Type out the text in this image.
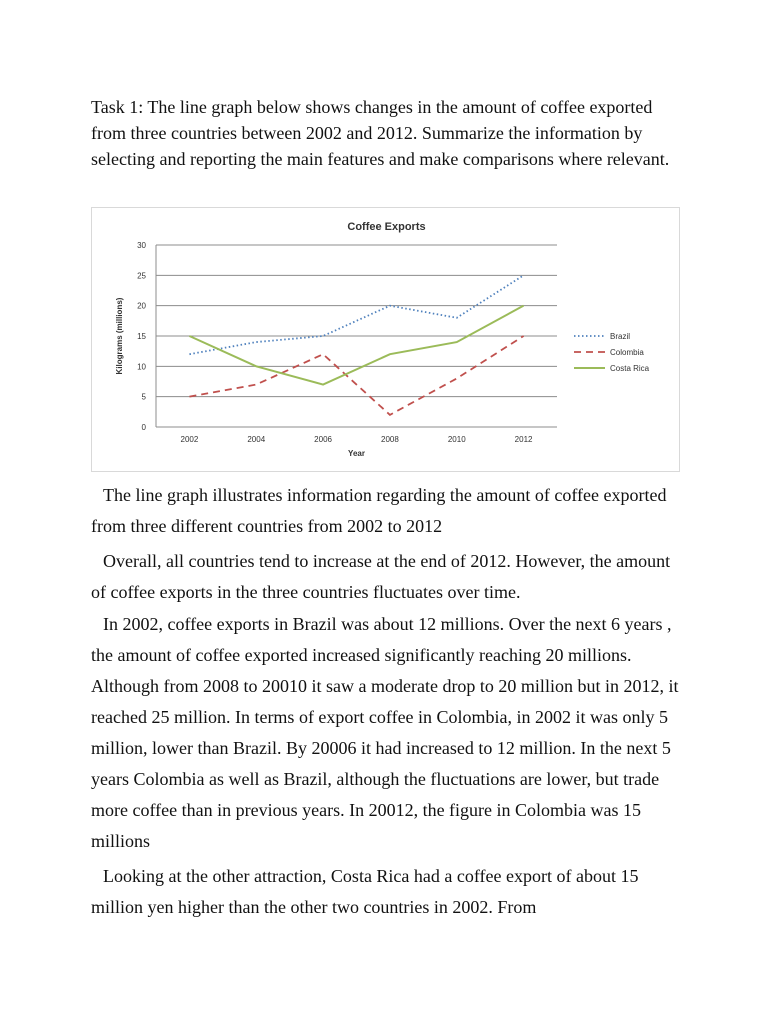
Task 1: The line graph below shows changes in the amount of coffee exported from three countries between 2002 and 2012. Summarize the information by selecting and reporting the main features and make comparisons where relevant.
Coffee Exports
Kilograms (millions)
Year
0
5
10
15
20
25
30
2002	2004	2006	2008	2010	2012
Brazil
Colombia
Costa Rica

The line graph illustrates information regarding the amount of coffee exported from three different countries from 2002 to 2012

Overall, all countries tend to increase at the end of 2012. However, the amount of coffee exports in the three countries fluctuates over time.

In 2002, coffee exports in Brazil was about 12 millions. Over the next 6 years , the amount of coffee exported increased significantly reaching 20 millions. Although from 2008 to 20010 it saw a moderate drop to 20 million but in 2012, it reached 25 million. In terms of export coffee in Colombia, in 2002 it was only 5 million, lower than Brazil. By 20006 it had increased to 12 million. In the next 5 years Colombia as well as Brazil, although the fluctuations are lower, but trade more coffee than in previous years. In 20012, the figure in Colombia was 15 millions

Looking at the other attraction, Costa Rica had a coffee export of about 15 million yen higher than the other two countries in 2002. From
